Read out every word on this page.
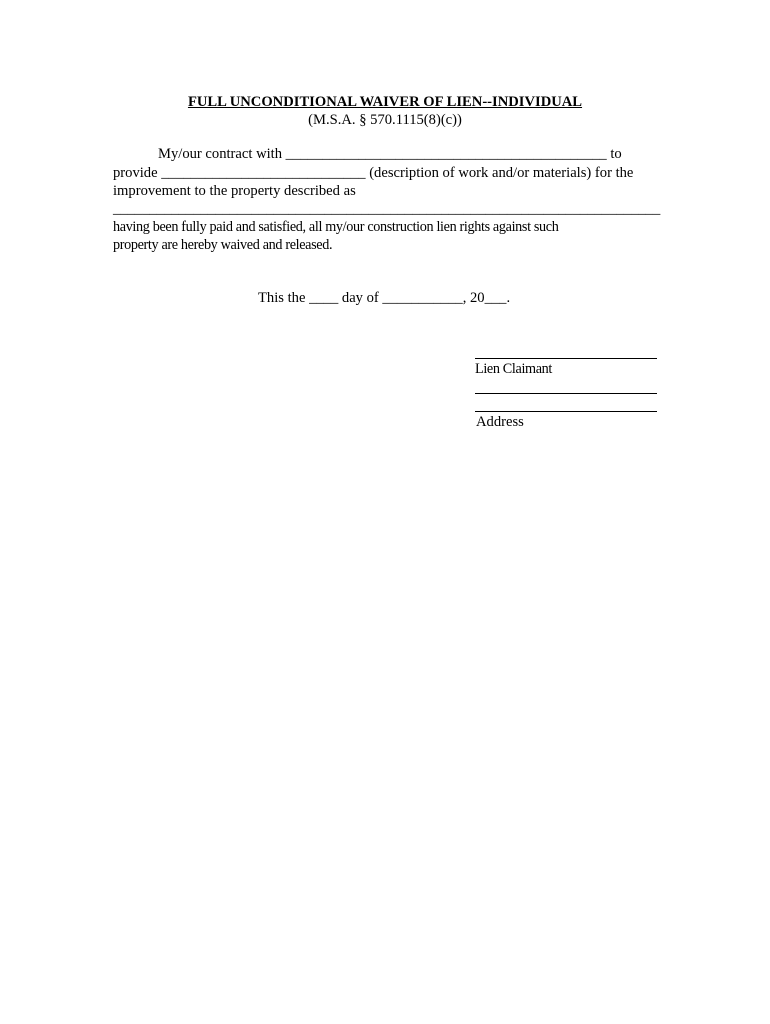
FULL UNCONDITIONAL WAIVER OF LIEN--INDIVIDUAL
(M.S.A. § 570.1115(8)(c))
My/our contract with ____________________________________________ to
provide ____________________________ (description of work and/or materials) for the
improvement to the property described as
___________________________________________________________________________
having been fully paid and satisfied, all my/our construction lien rights against such
property are hereby waived and released.
This the ____ day of ___________, 20___.
Lien Claimant
Address
